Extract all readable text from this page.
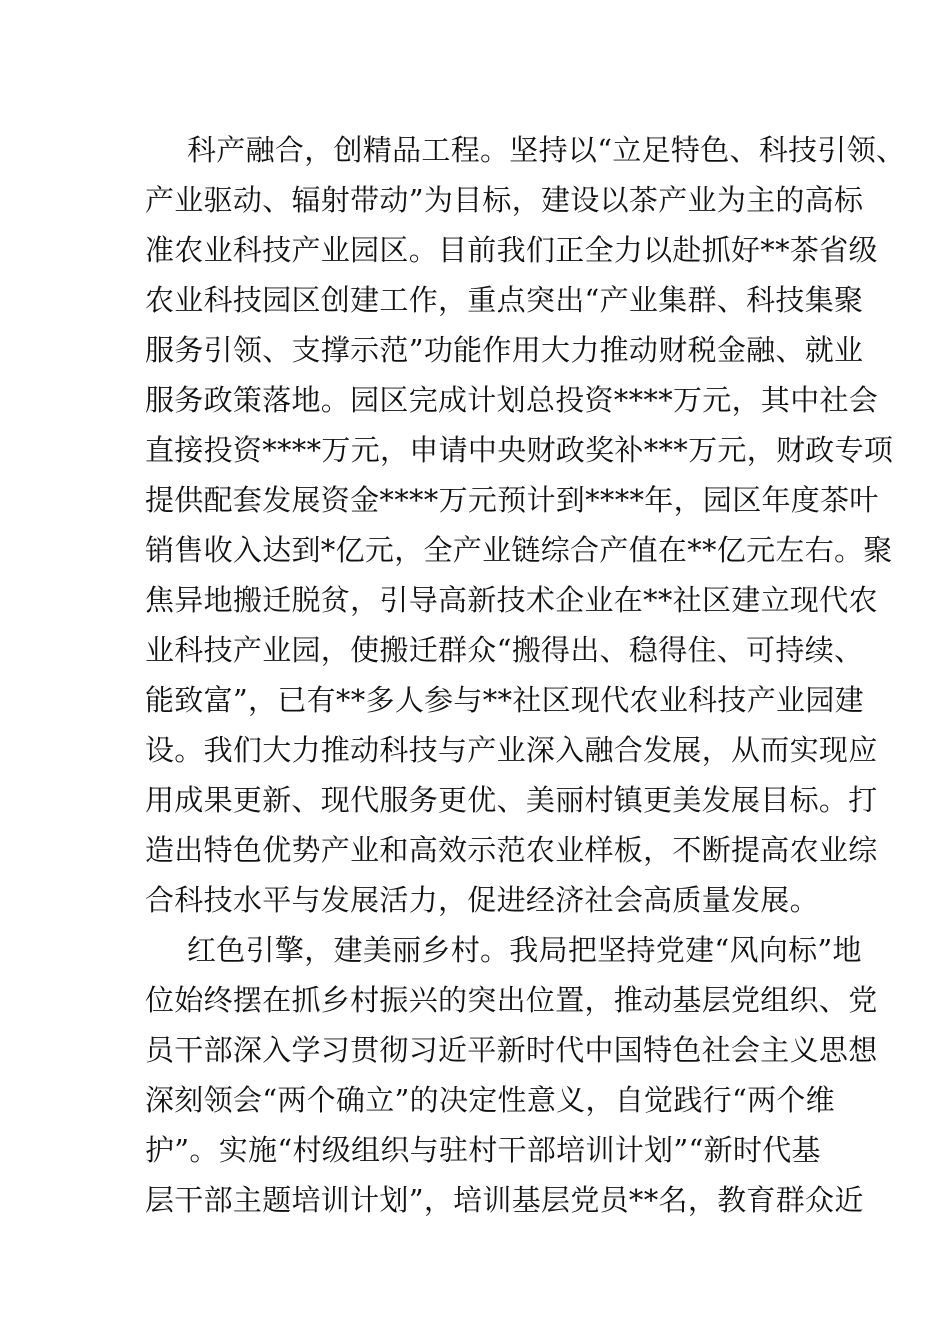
科产融合，创精品工程。坚持以“立足特色、科技引领、

产业驱动、辐射带动”为目标，建设以茶产业为主的高标

准农业科技产业园区。目前我们正全力以赴抓好**茶省级

农业科技园区创建工作，重点突出“产业集群、科技集聚

服务引领、支撑示范”功能作用大力推动财税金融、就业

服务政策落地。园区完成计划总投资****万元，其中社会

直接投资****万元，申请中央财政奖补***万元，财政专项

提供配套发展资金****万元预计到****年，园区年度茶叶

销售收入达到*亿元，全产业链综合产值在**亿元左右。聚

焦异地搬迁脱贫，引导高新技术企业在**社区建立现代农

业科技产业园，使搬迁群众“搬得出、稳得住、可持续、

能致富”，已有**多人参与**社区现代农业科技产业园建

设。我们大力推动科技与产业深入融合发展，从而实现应

用成果更新、现代服务更优、美丽村镇更美发展目标。打

造出特色优势产业和高效示范农业样板，不断提高农业综

合科技水平与发展活力，促进经济社会高质量发展。

红色引擎，建美丽乡村。我局把坚持党建“风向标”地

位始终摆在抓乡村振兴的突出位置，推动基层党组织、党

员干部深入学习贯彻习近平新时代中国特色社会主义思想

深刻领会“两个确立”的决定性意义，自觉践行“两个维

护”。实施“村级组织与驻村干部培训计划”“新时代基

层干部主题培训计划”，培训基层党员**名，教育群众近
